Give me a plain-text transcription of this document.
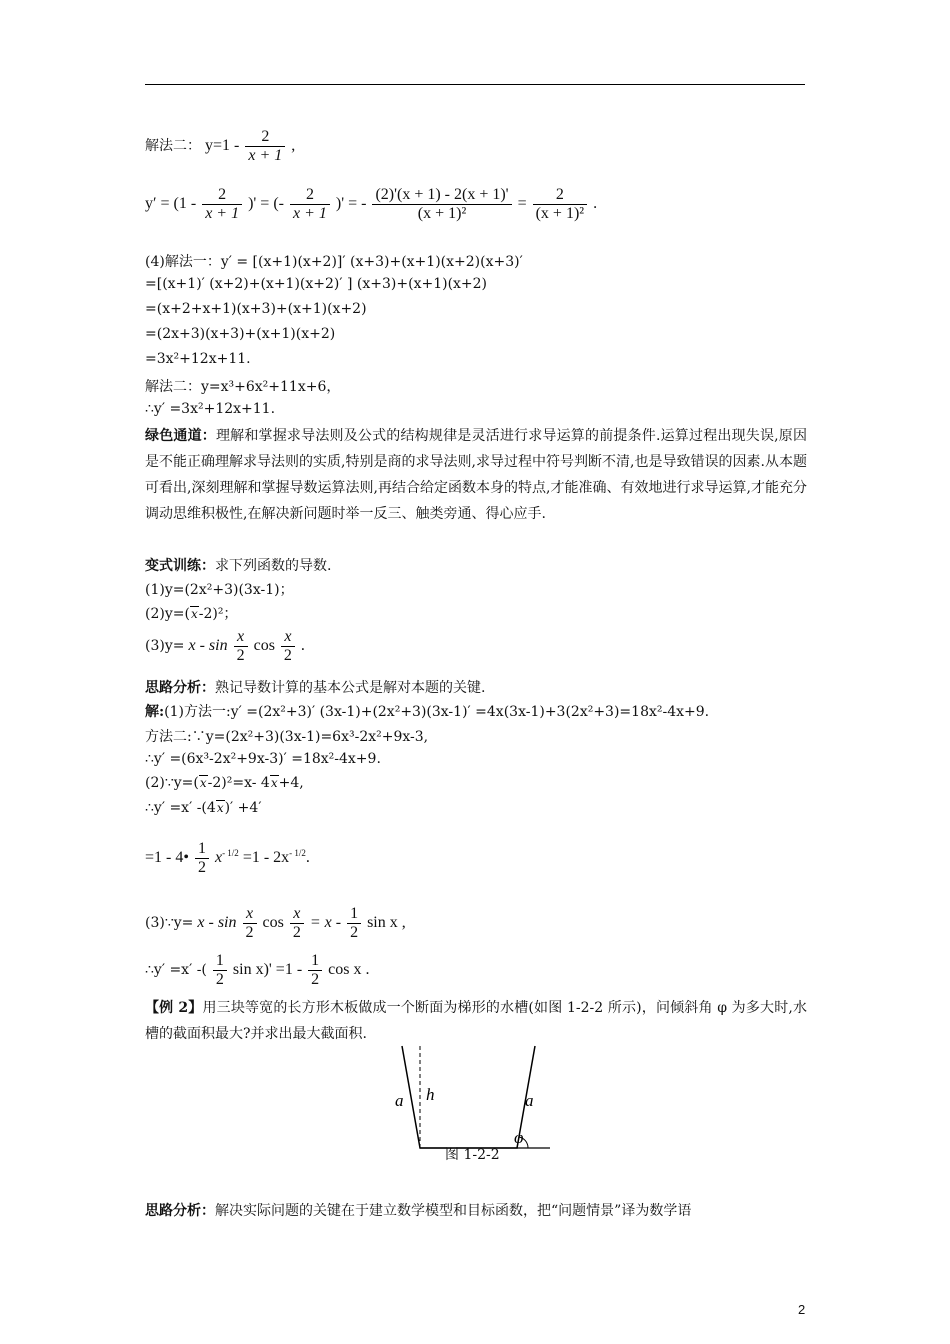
解法二： $y=1 - \frac{2}{x + 1}$ ,
$y' = (1 - \frac{2}{x + 1}$ )' = (- $\frac{2}{x + 1}$ )' = - $\frac{(2)'(x + 1) - 2(x + 1)'}{\text{(x + 1)²}} = \frac{2}{\text{(x + 1)²}}$ .
(4)解法一：y′ = [(x+1)(x+2)]′ (x+3)+(x+1)(x+2)(x+3)′
=[(x+1)′ (x+2)+(x+1)(x+2)′ ] (x+3)+(x+1)(x+2)
=(x+2+x+1)(x+3)+(x+1)(x+2)
=(2x+3)(x+3)+(x+1)(x+2)
=3x²+12x+11.
解法二：y=x³+6x²+11x+6，
∴y′ =3x²+12x+11.
绿色通道：理解和掌握求导法则及公式的结构规律是灵活进行求导运算的前提条件.运算过程出现失误,原因是不能正确理解求导法则的实质,特别是商的求导法则,求导过程中符号判断不清,也是导致错误的因素.从本题可看出,深刻理解和掌握导数运算法则,再结合给定函数本身的特点,才能准确、有效地进行求导运算,才能充分调动思维积极性,在解决新问题时举一反三、触类旁通、得心应手.
变式训练：求下列函数的导数.
(1)y=(2x²+3)(3x-1)；
(2)y=(x-2)²；
$(3)y= x - \sin \frac{x}{2}$ $\cos \frac{x}{2}$ .
思路分析：熟记导数计算的基本公式是解对本题的关键.
解:(1)方法一:y′ =(2x²+3)′ (3x-1)+(2x²+3)(3x-1)′ =4x(3x-1)+3(2x²+3)=18x²-4x+9.
方法二:∵y=(2x²+3)(3x-1)=6x³-2x²+9x-3,
∴y′ =(6x³-2x²+9x-3)′ =18x²-4x+9.
(2)∵y=(x-2)²=x- 4x+4,
∴y′ =x′ -(4x)′ +4′
=1 - 4• $\frac{1}{2} x^{- 1/2} =1 - 2x^{- 1/2}$.
(3)∵y= x - $\sin \frac{x}{2}$ $\cos \frac{x}{2} = x - \frac{1}{2}$ sin x ,
∴y′ =x′ -( $\frac{1}{2}$ $\sin x)' =1 - \frac{1}{2}$ cos x .
【例 2】用三块等宽的长方形木板做成一个断面为梯形的水槽(如图 1-2-2 所示)，问倾斜角 φ 为多大时,水槽的截面积最大?并求出最大截面积.
a h	a
φ
图 1-2-2
思路分析：解决实际问题的关键在于建立数学模型和目标函数，把“问题情景”译为数学语
2
